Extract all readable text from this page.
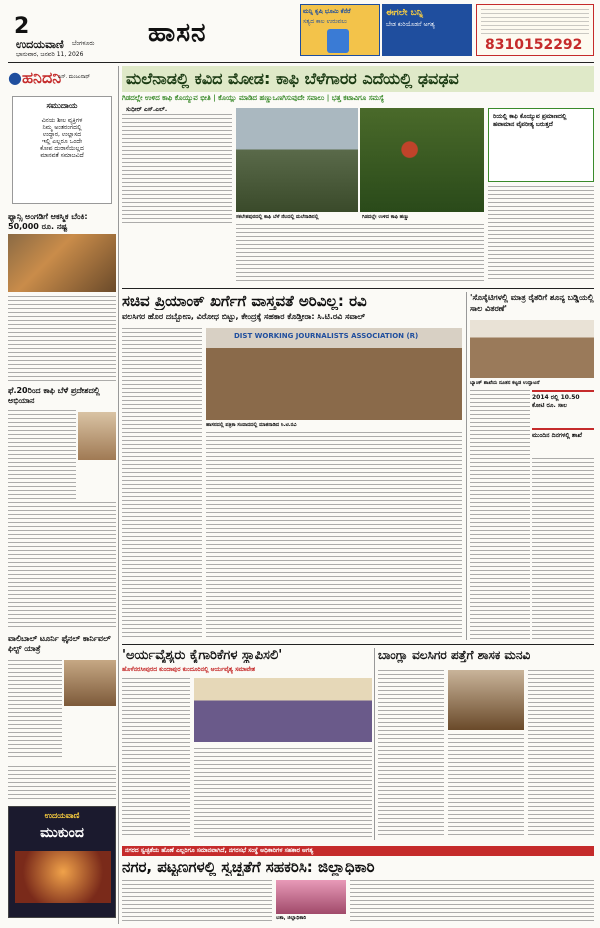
2
ಉದಯವಾಣಿ ಬೆಂಗಳೂರು
ಭಾನುವಾರ, ಜನವರಿ 11, 2026
ಹಾಸನ
ಮನ್ನಿ ಕೃಷಿ ಭೂಮಿ ಕೆನೆರೆ
ಸತ್ಯದ ಕಾಲ ಉರುವಲು
ಈಗಲೇ ಬನ್ನಿ
ಬೇಡ ಕುರಿಯೊಡನೆ ಅಗತ್ಯ
8310152292
●ಹನಿದನಿ
ಎನ್. ಮಂಜುನಾಥ್
ಸಮುದಾಯ
ವಿನಯ ಶೀಲ ವ್ಯಕ್ತಿಗಳ
ನಿಮ್ಮ ಅಂತರಂಗದಲ್ಲಿ
ಉದ್ಧಾರ, ಉಲ್ಲಾಸದ
ಇಲ್ಲಿ ಎಲ್ಲರೂ ಒಂದೇ
ಕೋಪ ದುರಾಸೆಯಿಲ್ಲದ
ಮಾನವತೆ ಸಮಾಜವಿದೆ
ಫ್ಯಾನ್ಸಿ ಅಂಗಡಿಗೆ ಆಕಸ್ಮಿಕ ಬೆಂಕಿ: 50,000 ರೂ. ನಷ್ಟ
ಫೆ.20ರಿಂದ ಕಾಫಿ ಬೆಳೆ ಪ್ರದೇಶದಲ್ಲಿ ಅಭಿಯಾನ
ವಾಲಿಬಾಲ್ ಟೂರ್ನಿ ಫೈನಲ್ ಕಾರ್ನಿವಲ್ ಫಿಲ್ಟ್ ಯಾತ್ರೆ
ಉದಯವಾಣಿ
ಮುಕುಂದ
ಮಲೆನಾಡಲ್ಲಿ ಕವಿದ ಮೋಡ: ಕಾಫಿ ಬೆಳೆಗಾರರ ಎದೆಯಲ್ಲಿ ಢವಢವ
ಗಿಡದಲ್ಲೇ ಉಳಿದ ಕಾಫಿ ಕೊಯ್ಯುವ ಭೀತಿ | ಕೊಯ್ಲು ಮಾಡಿದ ಹಣ್ಣುಒಣಗಿಸುವುದೇ ಸವಾಲು | ಭತ್ತ ಕಟಾವಿಗೂ ಸಮಸ್ಯೆ
ಸುಧೀರ್ ಎಸ್.ಎಲ್.
ಸಕಲೇಶಪುರದಲ್ಲಿ ಕಾಫಿ ಬೆಳೆ ನೆಲದಲ್ಲಿ ಮಲೆನಾಡಿನಲ್ಲಿ	ಗಿಡದಲ್ಲೇ ಉಳಿದ ಕಾಫಿ ಹಣ್ಣು
ರಿಯಲ್ಲಿ ಕಾಫಿ ಕೊಯ್ಯುವ ಪ್ರಮಾಣದಲ್ಲಿ ಹವಾಮಾನ ವೈಪರೀತ್ಯ ಬರುತ್ತದೆ
ಸಚಿವ ಪ್ರಿಯಾಂಕ್ ಖರ್ಗೆಗೆ ವಾಸ್ತವತೆ ಅರಿವಿಲ್ಲ: ರವಿ
ವಲಸಿಗರ ಹೊರ ದಬ್ಬೋಣ, ವಿರೋಧ ಬಿಟ್ಟು, ಕೇಂದ್ರಕ್ಕೆ ಸಹಕಾರ ಕೊಡ್ತೀರಾ: ಸಿ.ಟಿ.ರವಿ ಸವಾಲ್
DIST WORKING JOURNALISTS ASSOCIATION (R)
ಹಾಸನದಲ್ಲಿ ಪತ್ರಿಕಾ ಸಂವಾದದಲ್ಲಿ ಮಾತನಾಡಿದ ಸಿ.ಟಿ.ರವಿ
'ಸೊಸೈಟಿಗಳಲ್ಲಿ ಮಾತ್ರ ರೈತರಿಗೆ ಶೂನ್ಯ ಬಡ್ಡಿಯಲ್ಲಿ ಸಾಲ ವಿತರಣೆ'
ಬ್ಯಾಂಕ್ ಶಾಖೆಯ ನೂತನ ಕಟ್ಟಡ ಉದ್ಘಾಟನೆ
2014 ರಲ್ಲಿ 10.50 ಕೋಟಿ ರೂ. ಸಾಲ
ಮುಂದಿನ ದಿನಗಳಲ್ಲಿ ಶಾಖೆ
'ಅರ್ಯವೈಶ್ಯರು ಕೈಗಾರಿಕೆಗಳ ಸ್ಥಾಪಿಸಲಿ'
ಹೊಳೆನರಸೀಪುರದ ಕುಂದಾಪುರ ಕುಂದೂರಿನಲ್ಲಿ ಆರ್ಯವೈಶ್ಯ ಸಮಾವೇಶ
ಬಾಂಗ್ಲಾ ವಲಸಿಗರ ಪತ್ತೆಗೆ ಶಾಸಕ ಮನವಿ
ನಗರದ ಸ್ವಚ್ಛತೆಯ ಹೊಣೆ ಎಲ್ಲರಿಗೂ ಸಮಾನವಾಗಿದೆ, ನಗರಸಭೆ ಸಂಸ್ಥೆ ಅಧಿಕಾರಿಗಳ ಸಹಕಾರ ಅಗತ್ಯ
ನಗರ, ಪಟ್ಟಣಗಳಲ್ಲಿ ಸ್ವಚ್ಛತೆಗೆ ಸಹಕರಿಸಿ: ಜಿಲ್ಲಾಧಿಕಾರಿ
ಲತಾ, ಜಿಲ್ಲಾಧಿಕಾರಿ
